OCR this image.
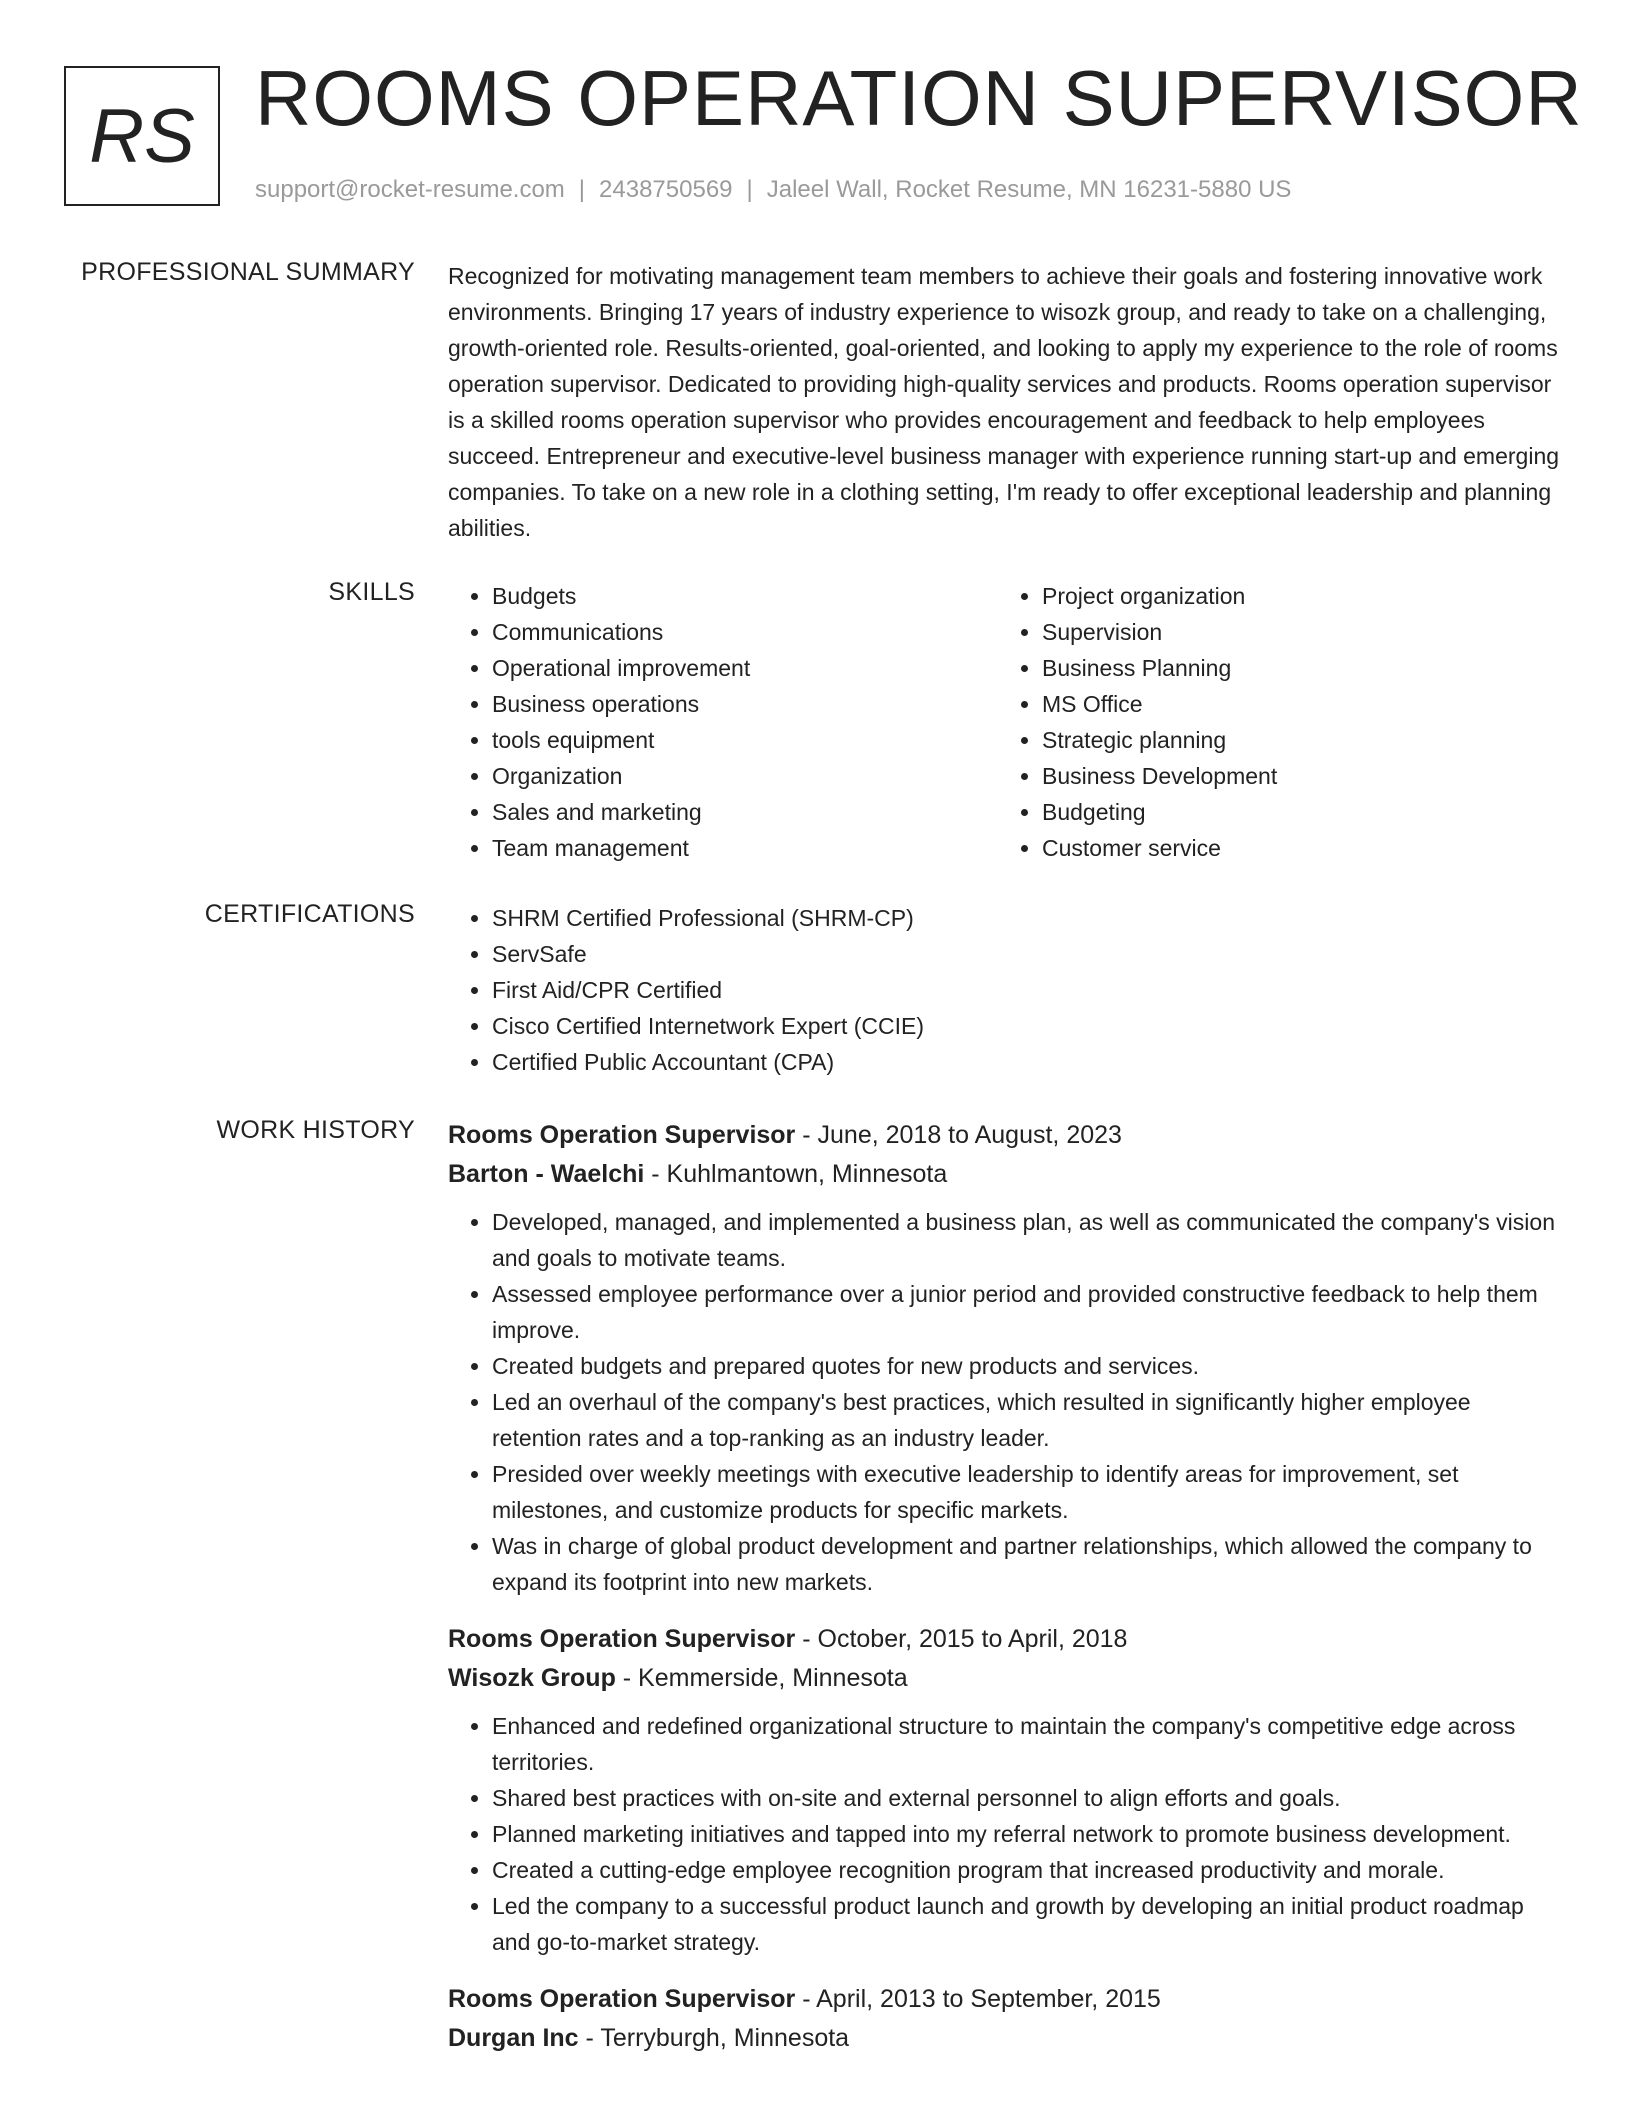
RS ROOMS OPERATION SUPERVISOR
support@rocket-resume.com | 2438750569 | Jaleel Wall, Rocket Resume, MN 16231-5880 US
PROFESSIONAL SUMMARY Recognized for motivating management team members to achieve their goals and fostering innovative work environments. Bringing 17 years of industry experience to wisozk group, and ready to take on a challenging, growth-oriented role. Results-oriented, goal-oriented, and looking to apply my experience to the role of rooms operation supervisor. Dedicated to providing high-quality services and products. Rooms operation supervisor is a skilled rooms operation supervisor who provides encouragement and feedback to help employees succeed. Entrepreneur and executive-level business manager with experience running start-up and emerging companies. To take on a new role in a clothing setting, I'm ready to offer exceptional leadership and planning abilities.
SKILLS	• Budgets
• Communications
• Operational improvement
• Business operations
• tools equipment
• Organization
• Sales and marketing
• Team management
• Project organization
• Supervision
• Business Planning
• MS Office
• Strategic planning
• Business Development
• Budgeting
• Customer service
CERTIFICATIONS	• SHRM Certified Professional (SHRM-CP)
• ServSafe
• First Aid/CPR Certified
• Cisco Certified Internetwork Expert (CCIE)
• Certified Public Accountant (CPA)
WORK HISTORY Rooms Operation Supervisor - June, 2018 to August, 2023
Barton - Waelchi - Kuhlmantown, Minnesota
• Developed, managed, and implemented a business plan, as well as communicated the company's vision and goals to motivate teams.
• Assessed employee performance over a junior period and provided constructive feedback to help them improve.
• Created budgets and prepared quotes for new products and services.
• Led an overhaul of the company's best practices, which resulted in significantly higher employee retention rates and a top-ranking as an industry leader.
• Presided over weekly meetings with executive leadership to identify areas for improvement, set milestones, and customize products for specific markets.
• Was in charge of global product development and partner relationships, which allowed the company to expand its footprint into new markets.
Rooms Operation Supervisor - October, 2015 to April, 2018
Wisozk Group - Kemmerside, Minnesota
• Enhanced and redefined organizational structure to maintain the company's competitive edge across territories.
• Shared best practices with on-site and external personnel to align efforts and goals.
• Planned marketing initiatives and tapped into my referral network to promote business development.
• Created a cutting-edge employee recognition program that increased productivity and morale.
• Led the company to a successful product launch and growth by developing an initial product roadmap and go-to-market strategy.
Rooms Operation Supervisor - April, 2013 to September, 2015
Durgan Inc - Terryburgh, Minnesota
